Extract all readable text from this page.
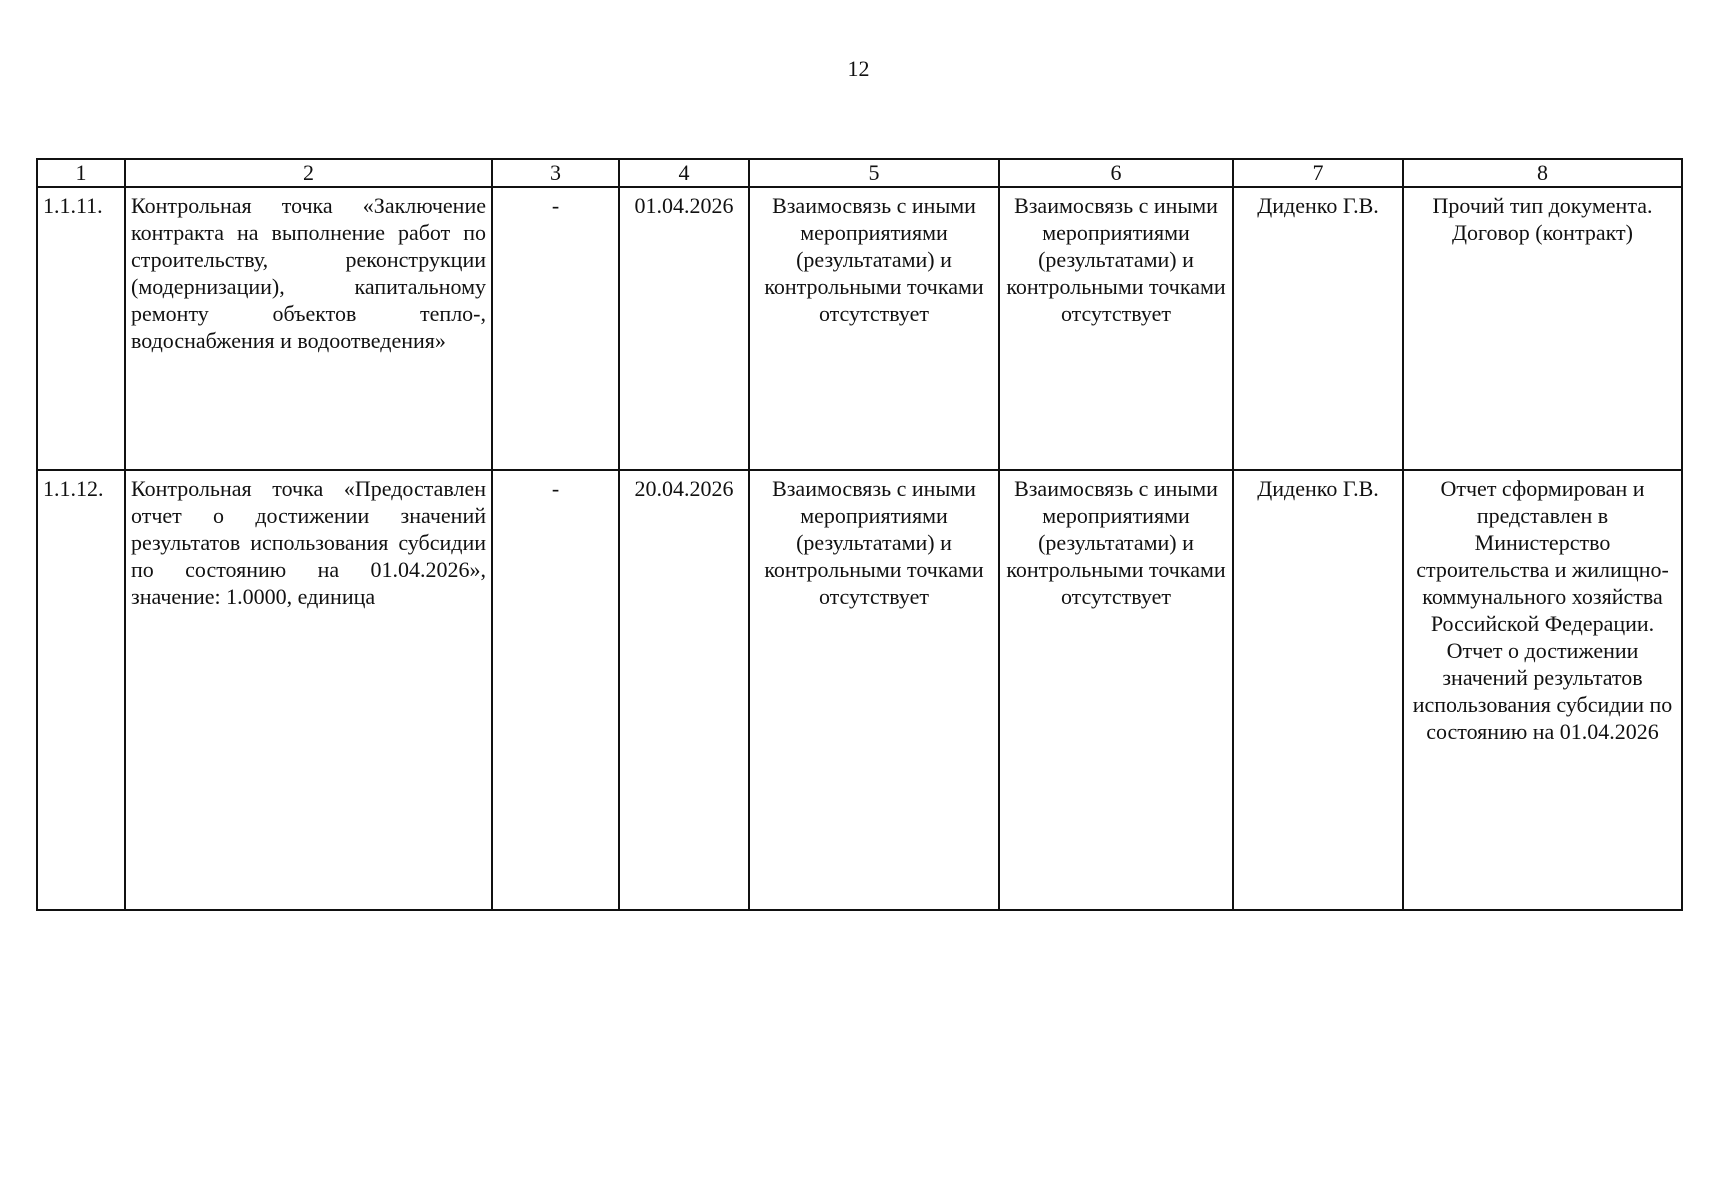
12
1	2	3	4	5	6	7	8
1.1.11.	Контрольная точка «Заключение контракта на выполнение работ по строительству, реконструкции (модернизации), капитальному ремонту объектов тепло-, водоснабжения и водоотведения»	-	01.04.2026	Взаимосвязь с иными мероприятиями (результатами) и контрольными точками отсутствует	Взаимосвязь с иными мероприятиями (результатами) и контрольными точками отсутствует	Диденко Г.В.	Прочий тип документа. Договор (контракт)
1.1.12.	Контрольная точка «Предоставлен отчет о достижении значений результатов использования субсидии по состоянию на 01.04.2026», значение: 1.0000, единица	-	20.04.2026	Взаимосвязь с иными мероприятиями (результатами) и контрольными точками отсутствует	Взаимосвязь с иными мероприятиями (результатами) и контрольными точками отсутствует	Диденко Г.В.	Отчет сформирован и представлен в Министерство строительства и жилищно-коммунального хозяйства Российской Федерации. Отчет о достижении значений результатов использования субсидии по состоянию на 01.04.2026
